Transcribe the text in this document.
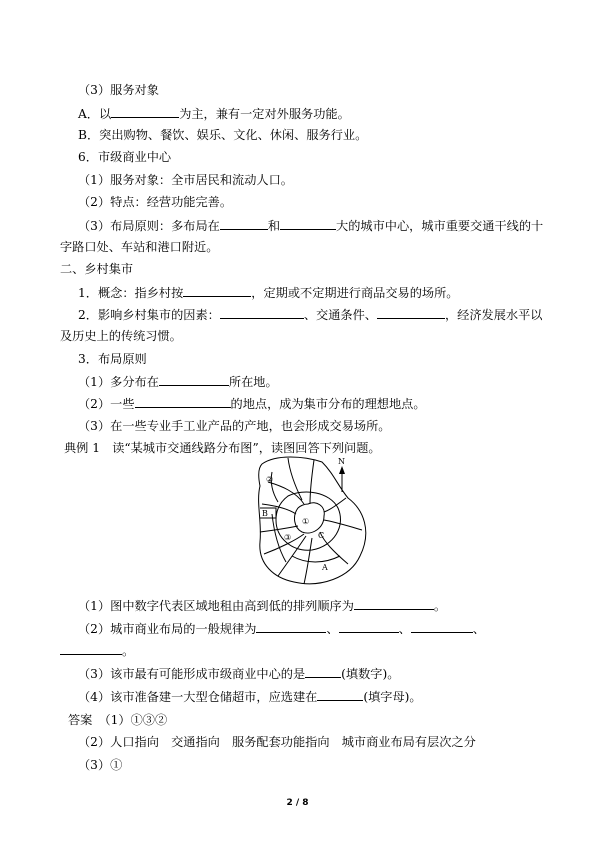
（3）服务对象
A．以	为主，兼有一定对外服务功能。
B．突出购物、餐饮、娱乐、文化、休闲、服务行业。
6．市级商业中心
（1）服务对象：全市居民和流动人口。
（2）特点：经营功能完善。
（3）布局原则：多布局在	和	大的城市中心，城市重要交通干线的十
字路口处、车站和港口附近。
二、乡村集市
1．概念：指乡村按	，定期或不定期进行商品交易的场所。
2．影响乡村集市的因素：	、交通条件、	，经济发展水平以
及历史上的传统习惯。
3．布局原则
（1）多分布在	所在地。
（2）一些	的地点，成为集市分布的理想地点。
（3）在一些专业手工业产品的产地，也会形成交易场所。
典例 1　读“某城市交通线路分布图”，读图回答下列问题。
N
②
B
③
①
C
A
（1）图中数字代表区域地租由高到低的排列顺序为	。
（2）城市商业布局的一般规律为	、	、	、
。
（3）该市最有可能形成市级商业中心的是	(填数字)。
（4）该市准备建一大型仓储超市，应选建在	(填字母)。
答案　（1）①③②
（2）人口指向　交通指向　服务配套功能指向　城市商业布局有层次之分
（3）①
2 / 8
